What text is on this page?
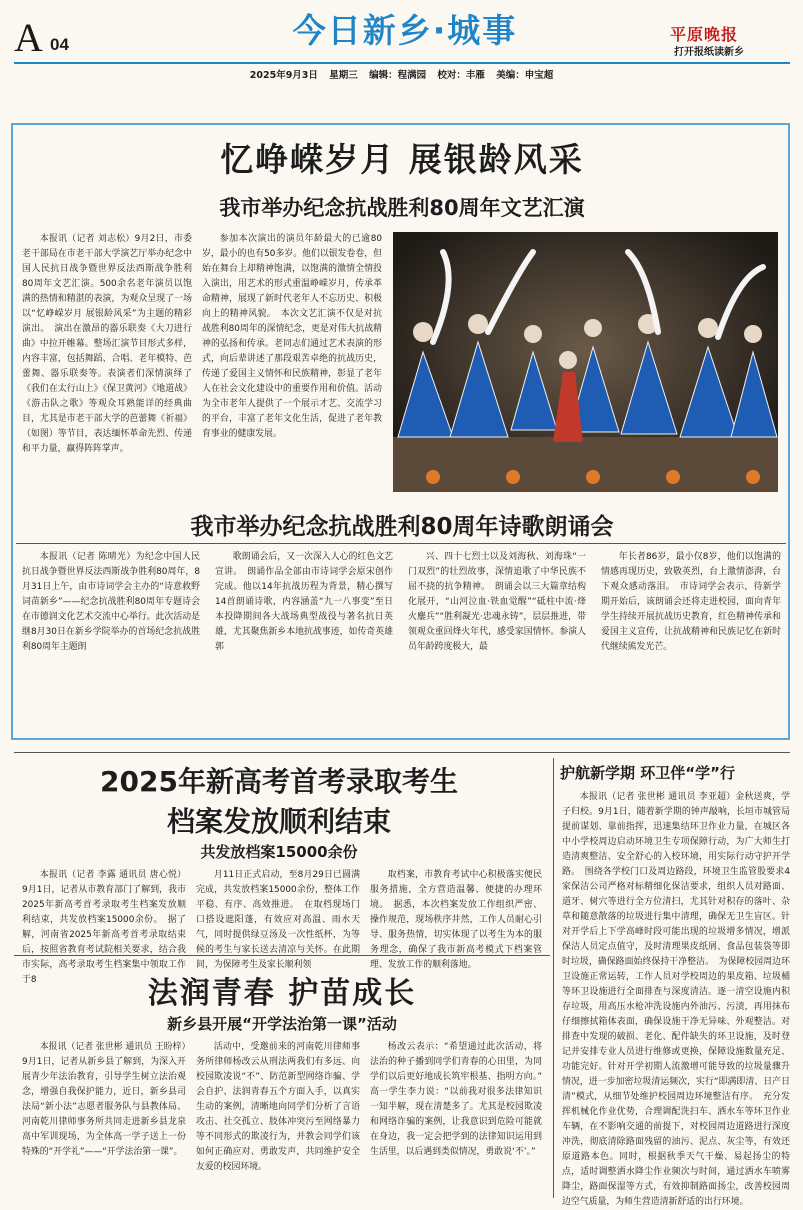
A 04	今日新乡·城事	平原晚报
打开报纸读新乡
2025年9月3日 星期三 编辑：程满园 校对：丰雁 美编：申宝超
忆峥嵘岁月 展银龄风采
我市举办纪念抗战胜利80周年文艺汇演

本报讯（记者 刘志松）9月2日，市委老干部局在市老干部大学演艺厅举办纪念中国人民抗日战争暨世界反法西斯战争胜利80周年文艺汇演。500余名老年演员以饱满的热情和精湛的表演，为观众呈现了一场以“忆峥嵘岁月 展银龄风采”为主题的精彩演出。　演出在激昂的器乐联奏《大刀进行曲》中拉开帷幕。整场汇演节目形式多样，内容丰富，包括舞蹈、合唱、老年模特、芭蕾舞、器乐联奏等。表演者们深情演绎了《我们在太行山上》《保卫黄河》《地道战》《游击队之歌》等观众耳熟能详的经典曲目，尤其是市老干部大学的芭蕾舞《祈福》（如图）等节目，表达缅怀革命先烈、传递和平力量，赢得阵阵掌声。

参加本次演出的演员年龄最大的已逾80岁，最小的也有50多岁。他们以银发卷卷，但始在舞台上却精神饱满，以饱满的激情全情投入演出，用艺术的形式重温峥嵘岁月，传承革命精神，展现了新时代老年人不忘历史、积极向上的精神风貌。　本次文艺汇演不仅是对抗战胜利80周年的深情纪念，更是对伟大抗战精神的弘扬和传承。老同志们通过艺术表演的形式，向后辈讲述了那段艰苦卓绝的抗战历史，传递了爱国主义情怀和民族精神，彰显了老年人在社会文化建设中的重要作用和价值。活动为全市老年人提供了一个展示才艺、交流学习的平台，丰富了老年文化生活，促进了老年教育事业的健康发展。

我市举办纪念抗战胜利80周年诗歌朗诵会

本报讯（记者 陈晴光）为纪念中国人民抗日战争暨世界反法西斯战争胜利80周年，8月31日上午，由市诗词学会主办的“诗意救野 词苗新乡”——纪念抗战胜利80周年专题诗会在市德润文化艺术交流中心举行。此次活动是继8月30日在新乡学院举办的首场纪念抗战胜利80周年主题朗

歌朗诵会后，又一次深入人心的红色文艺宣讲。　朗诵作品全部由市诗词学会原宋创作完成。他以14年抗战历程为背景，精心撰写14首朗诵诗歌，内容涵盖“九一八事变”至日本投降期间各大战场典型战役与著名抗日英雄，尤其聚焦新乡本地抗战事迹，如传奇英雄郭

兴、四十七烈士以及刘海秋、刘海珠“一门双烈”的壮烈故事，深情追歌了中华民族不屈不挠的抗争精神。　朗诵会以三大篇章结构化展开，“山河泣血·铁血觉醒”“砥柱中流·烽火鏖兵”“胜利凝光·忠魂永铸”，层层推进，带领观众重回烽火年代，感受家国情怀。参演人员年龄跨度极大，最

年长者86岁，最小仅8岁，他们以饱满的情感再现历史，致敬英烈，台上激情澎湃，台下观众感动落泪。　市诗词学会表示，待新学期开始后，该朗诵会还将走进校园，面向青年学生持续开展抗战历史教育，红色精神传承和爱国主义宣传，让抗战精神和民族记忆在新时代继续熊发光芒。

2025年新高考首考录取考生
档案发放顺利结束
共发放档案15000余份

本报讯（记者 李露 通讯员 唐心悦）9月1日，记者从市教育部门了解到，我市2025年新高考首考录取考生档案发放顺利结束，共发放档案15000余份。　据了解，河南省2025年新高考首考录取结束后，按照省教育考试院相关要求，结合我市实际，高考录取考生档案集中领取工作于8

月11日正式启动，至8月29日已圆满完成，共发放档案15000余份，整体工作平稳、有序、高效推进。　在取档现场门口搭设遮阳蓬，有效应对高温、雨水天气，同时提供绿豆汤及一次性纸杯，为等候的考生与家长送去清凉与关怀。在此期间，为保障考生及家长顺利领

取档案，市教育考试中心积极落实便民服务措施，全方营造温馨、便捷的办理环境。　据悉，本次档案发放工作组织严密、操作规范，现场秩序井然，工作人员耐心引导、服务热情，切实体现了以考生为本的服务理念，确保了我市新高考模式下档案管理、发放工作的顺利落地。

护航新学期 环卫伴“学”行

本报讯（记者 张世彬 通讯员 李亚超）金秋送爽，学子归校。9月1日，随着新学期的钟声敲响，长垣市城管局提前谋划、靠前指挥，迅速集结环卫作业力量，在城区各中小学校周边启动环境卫生专项保障行动，为广大师生打造清爽整洁、安全舒心的入校环境，用实际行动守护开学路。　围绕各学校门口及周边路段，环境卫生监管股要求4家保洁公司严格对标精细化保洁要求，组织人员对路面、道牙、树穴等进行全方位清扫，尤其针对积存的落叶、杂草和随意散落的垃圾进行集中清理，确保无卫生盲区。针对开学后上下学高峰时段可能出现的垃圾增多情况，增派保洁人员定点值守，及时清理果皮纸屑、食品包装袋等即时垃圾，确保路面始终保持干净整洁。　为保障校园周边环卫设施正常运转，工作人员对学校周边的果皮箱、垃圾桶等环卫设施进行全面排查与深度清洁。逐一清空设施内积存垃圾，用高压水枪冲洗设施内外油污、污渍，再用抹布仔细擦拭箱体表面，确保设施干净无异味、外观整洁。对排查中发现的破损、老化、配件缺失的环卫设施，及时登记并安排专业人员进行维修或更换，保障设施数量充足、功能完好。针对开学初期人流激增可能导致的垃圾量骤升情况，进一步加密垃圾清运频次，实行“即满即清、日产日清”模式，从细节处维护校园周边环境整洁有序。　充分发挥机械化作业优势，合理调配洗扫车、洒水车等环卫作业车辆，在不影响交通的前提下，对校园周边道路进行深度冲洗，彻底清除路面残留的油污、泥点、灰尘等，有效还原道路本色。同时，根据秋季天气干燥、易起扬尘的特点，适时调整洒水降尘作业频次与时间，通过洒水车喷雾降尘，路面保湿等方式，有效抑制路面扬尘，改善校园周边空气质量，为师生营造清新舒适的出行环境。

法润青春 护苗成长
新乡县开展“开学法治第一课”活动

本报讯（记者 张世彬 通讯员 王盼梓）9月1日，记者从新乡县了解到，为深入开展青少年法治教育，引导学生树立法治观念，增强自我保护能力，近日，新乡县司法局“新小法”志愿者服务队与县教体局、河南乾川律师事务所共同走进新乡县龙泉高中军训现场，为全体高一学子送上一份特殊的“开学礼”——“开学法治第一课”。

活动中，受邀前来的河南乾川律师事务所律师杨改云从刑法两我们有多远、向校园欺凌说“不”、防范新型网络诈骗、学会自护、法润青春五个方面入手，以真实生动的案例，清晰地向同学们分析了言语攻击、社交孤立、肢体冲突污至网络暴力等不同形式的欺凌行为，并教会同学们该如何正确应对、勇敢发声，共同维护安全友爱的校园环境。

杨改云表示：“希望通过此次活动，将法治的种子播到同学们青春的心田里，为同学们以后更好地成长筑牢根基、指明方向。”　高一学生李力说：“以前我对很多法律知识一知半解，现在清楚多了。尤其是校园欺凌和网络诈骗的案例，让我意识到危险可能就在身边，我一定会把学到的法律知识运用到生活里，以后遇到类似情况，勇敢说‘不’。”
